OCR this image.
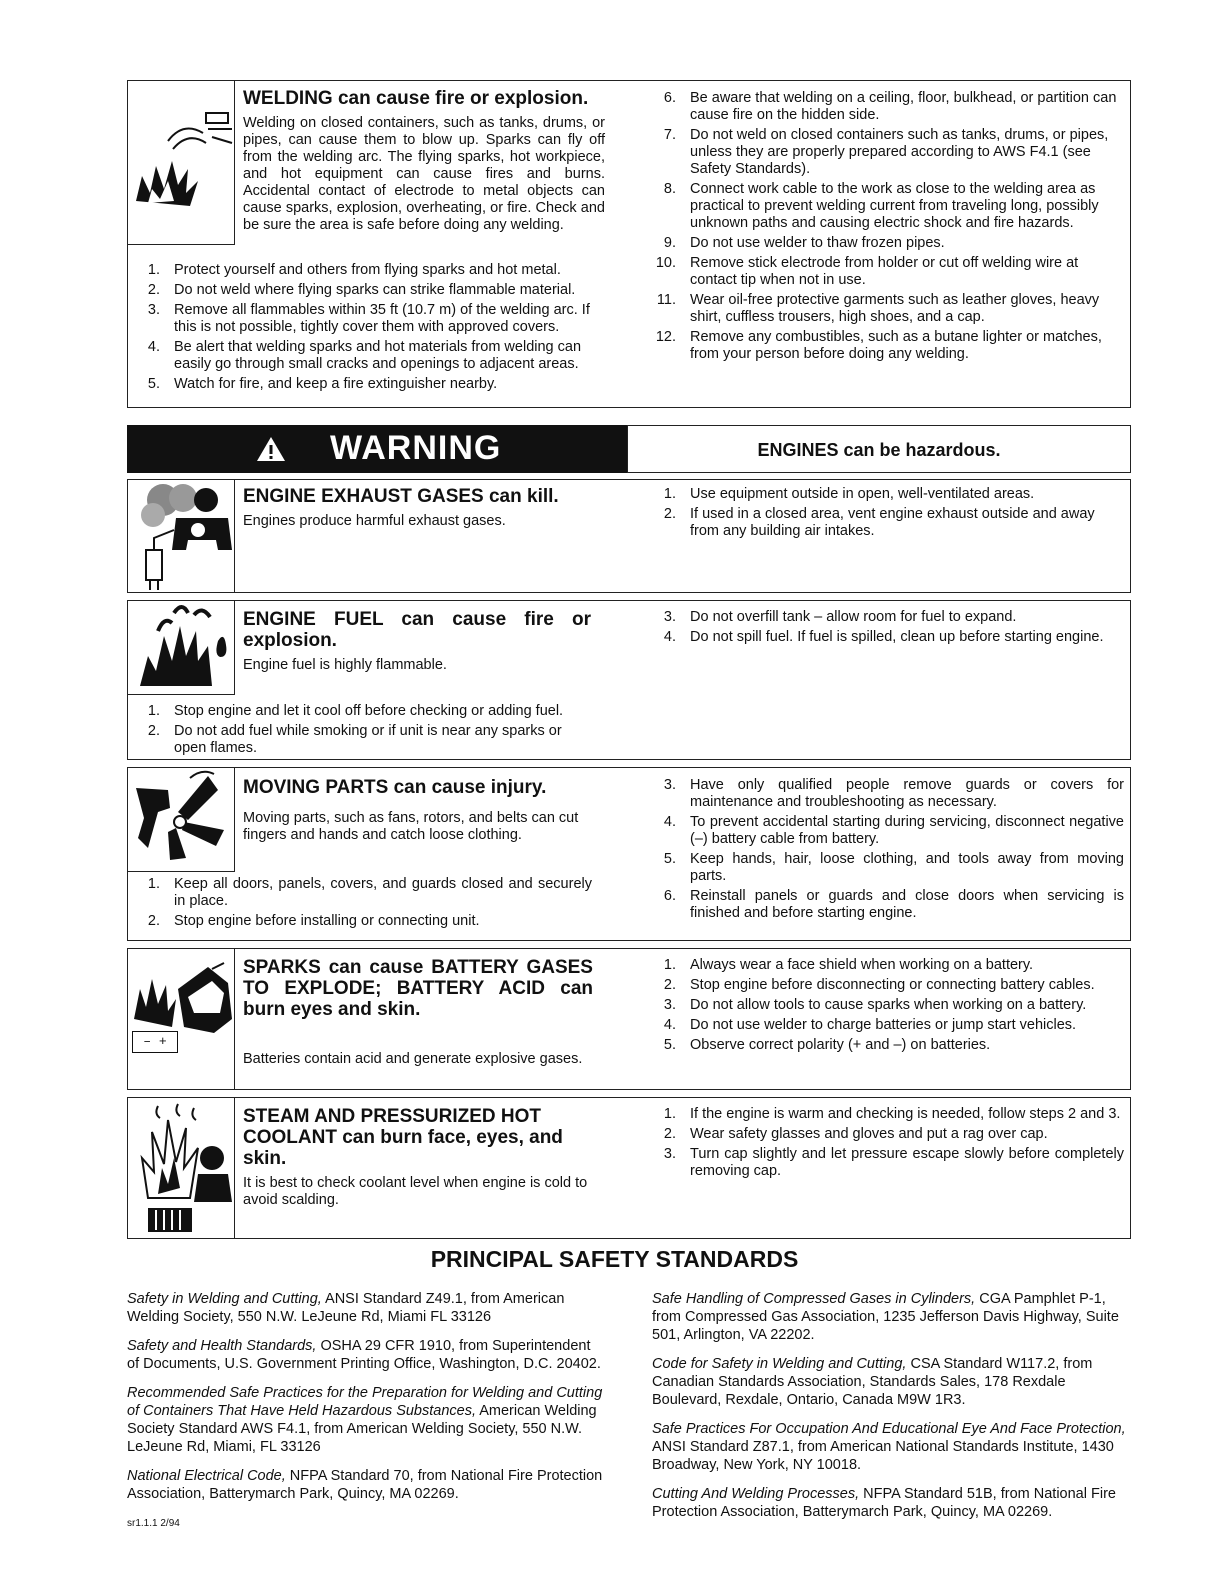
WELDING can cause fire or explosion.
Welding on closed containers, such as tanks, drums, or pipes, can cause them to blow up. Sparks can fly off from the welding arc. The flying sparks, hot workpiece, and hot equipment can cause fires and burns. Accidental contact of electrode to metal objects can cause sparks, explosion, overheating, or fire. Check and be sure the area is safe before doing any welding.
1. Protect yourself and others from flying sparks and hot metal.
2. Do not weld where flying sparks can strike flammable material.
3. Remove all flammables within 35 ft (10.7 m) of the welding arc. If this is not possible, tightly cover them with approved covers.
4. Be alert that welding sparks and hot materials from welding can easily go through small cracks and openings to adjacent areas.
5. Watch for fire, and keep a fire extinguisher nearby.
6. Be aware that welding on a ceiling, floor, bulkhead, or partition can cause fire on the hidden side.
7. Do not weld on closed containers such as tanks, drums, or pipes, unless they are properly prepared according to AWS F4.1 (see Safety Standards).
8. Connect work cable to the work as close to the welding area as practical to prevent welding current from traveling long, possibly unknown paths and causing electric shock and fire hazards.
9. Do not use welder to thaw frozen pipes.
10. Remove stick electrode from holder or cut off welding wire at contact tip when not in use.
11. Wear oil-free protective garments such as leather gloves, heavy shirt, cuffless trousers, high shoes, and a cap.
12. Remove any combustibles, such as a butane lighter or matches, from your person before doing any welding.
WARNING	ENGINES can be hazardous.
ENGINE EXHAUST GASES can kill.
Engines produce harmful exhaust gases.
1. Use equipment outside in open, well-ventilated areas.
2. If used in a closed area, vent engine exhaust outside and away from any building air intakes.
ENGINE FUEL can cause fire or explosion.
Engine fuel is highly flammable.
1. Stop engine and let it cool off before checking or adding fuel.
2. Do not add fuel while smoking or if unit is near any sparks or open flames.
3. Do not overfill tank – allow room for fuel to expand.
4. Do not spill fuel. If fuel is spilled, clean up before starting engine.
MOVING PARTS can cause injury.
Moving parts, such as fans, rotors, and belts can cut fingers and hands and catch loose clothing.
1. Keep all doors, panels, covers, and guards closed and securely in place.
2. Stop engine before installing or connecting unit.
3. Have only qualified people remove guards or covers for maintenance and troubleshooting as necessary.
4. To prevent accidental starting during servicing, disconnect negative (–) battery cable from battery.
5. Keep hands, hair, loose clothing, and tools away from moving parts.
6. Reinstall panels or guards and close doors when servicing is finished and before starting engine.
– +
SPARKS can cause BATTERY GASES TO EXPLODE; BATTERY ACID can burn eyes and skin.
Batteries contain acid and generate explosive gases.
1. Always wear a face shield when working on a battery.
2. Stop engine before disconnecting or connecting battery cables.
3. Do not allow tools to cause sparks when working on a battery.
4. Do not use welder to charge batteries or jump start vehicles.
5. Observe correct polarity (+ and –) on batteries.
STEAM AND PRESSURIZED HOT COOLANT can burn face, eyes, and skin.
It is best to check coolant level when engine is cold to avoid scalding.
1. If the engine is warm and checking is needed, follow steps 2 and 3.
2. Wear safety glasses and gloves and put a rag over cap.
3. Turn cap slightly and let pressure escape slowly before completely removing cap.
PRINCIPAL SAFETY STANDARDS

Safety in Welding and Cutting, ANSI Standard Z49.1, from American Welding Society, 550 N.W. LeJeune Rd, Miami FL 33126

Safety and Health Standards, OSHA 29 CFR 1910, from Superintendent of Documents, U.S. Government Printing Office, Washington, D.C. 20402.

Recommended Safe Practices for the Preparation for Welding and Cutting of Containers That Have Held Hazardous Substances, American Welding Society Standard AWS F4.1, from American Welding Society, 550 N.W. LeJeune Rd, Miami, FL 33126

National Electrical Code, NFPA Standard 70, from National Fire Protection Association, Batterymarch Park, Quincy, MA 02269.

Safe Handling of Compressed Gases in Cylinders, CGA Pamphlet P-1, from Compressed Gas Association, 1235 Jefferson Davis Highway, Suite 501, Arlington, VA 22202.

Code for Safety in Welding and Cutting, CSA Standard W117.2, from Canadian Standards Association, Standards Sales, 178 Rexdale Boulevard, Rexdale, Ontario, Canada M9W 1R3.

Safe Practices For Occupation And Educational Eye And Face Protection, ANSI Standard Z87.1, from American National Standards Institute, 1430 Broadway, New York, NY 10018.

Cutting And Welding Processes, NFPA Standard 51B, from National Fire Protection Association, Batterymarch Park, Quincy, MA 02269.

sr1.1.1 2/94
